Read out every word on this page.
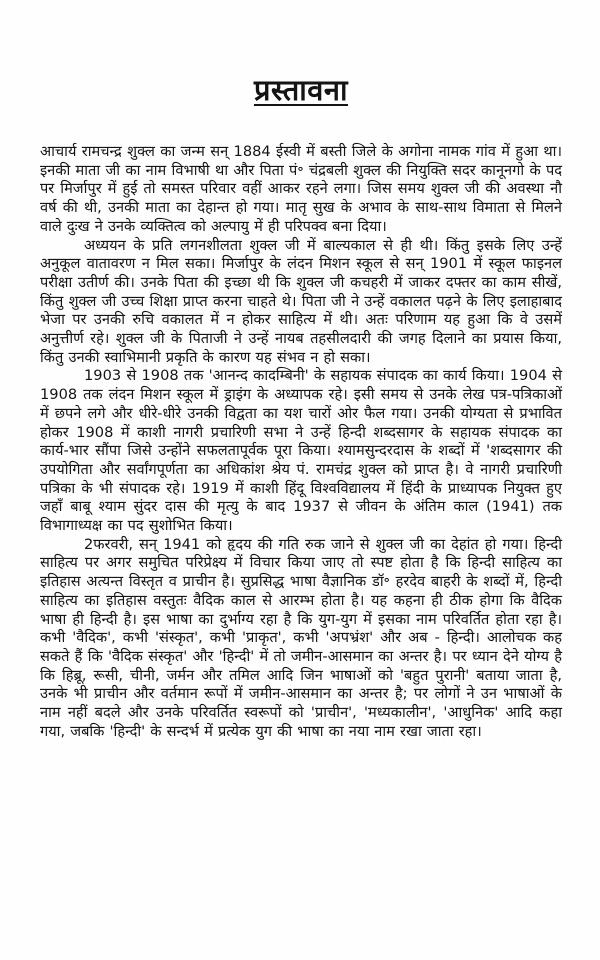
प्रस्तावना

आचार्य रामचन्द्र शुक्ल का जन्म सन् 1884 ईस्वी में बस्ती जिले के अगोना नामक गांव में हुआ था। इनकी माता जी का नाम विभाषी था और पिता पं॰ चंद्रबली शुक्ल की नियुक्ति सदर कानूनगो के पद पर मिर्जापुर में हुई तो समस्त परिवार वहीं आकर रहने लगा। जिस समय शुक्ल जी की अवस्था नौ वर्ष की थी, उनकी माता का देहान्त हो गया। मातृ सुख के अभाव के साथ-साथ विमाता से मिलने वाले दुःख ने उनके व्यक्तित्व को अल्पायु में ही परिपक्व बना दिया।

अध्ययन के प्रति लगनशीलता शुक्ल जी में बाल्यकाल से ही थी। किंतु इसके लिए उन्हें अनुकूल वातावरण न मिल सका। मिर्जापुर के लंदन मिशन स्कूल से सन् 1901 में स्कूल फाइनल परीक्षा उतीर्ण की। उनके पिता की इच्छा थी कि शुक्ल जी कचहरी में जाकर दफ्तर का काम सीखें, किंतु शुक्ल जी उच्च शिक्षा प्राप्त करना चाहते थे। पिता जी ने उन्हें वकालत पढ़ने के लिए इलाहाबाद भेजा पर उनकी रुचि वकालत में न होकर साहित्य में थी। अतः परिणाम यह हुआ कि वे उसमें अनुत्तीर्ण रहे। शुक्ल जी के पिताजी ने उन्हें नायब तहसीलदारी की जगह दिलाने का प्रयास किया, किंतु उनकी स्वाभिमानी प्रकृति के कारण यह संभव न हो सका।

1903 से 1908 तक 'आनन्द कादम्बिनी' के सहायक संपादक का कार्य किया। 1904 से 1908 तक लंदन मिशन स्कूल में ड्राइंग के अध्यापक रहे। इसी समय से उनके लेख पत्र-पत्रिकाओं में छपने लगे और धीरे-धीरे उनकी विद्वता का यश चारों ओर फैल गया। उनकी योग्यता से प्रभावित होकर 1908 में काशी नागरी प्रचारिणी सभा ने उन्हें हिन्दी शब्दसागर के सहायक संपादक का कार्य-भार सौंपा जिसे उन्होंने सफलतापूर्वक पूरा किया। श्यामसुन्दरदास के शब्दों में 'शब्दसागर की उपयोगिता और सर्वांगपूर्णता का अधिकांश श्रेय पं. रामचंद्र शुक्ल को प्राप्त है। वे नागरी प्रचारिणी पत्रिका के भी संपादक रहे। 1919 में काशी हिंदू विश्वविद्यालय में हिंदी के प्राध्यापक नियुक्त हुए जहाँ बाबू श्याम सुंदर दास की मृत्यु के बाद 1937 से जीवन के अंतिम काल (1941) तक विभागाध्यक्ष का पद सुशोभित किया।

2फरवरी, सन् 1941 को हृदय की गति रुक जाने से शुक्ल जी का देहांत हो गया। हिन्दी साहित्य पर अगर समुचित परिप्रेक्ष्य में विचार किया जाए तो स्पष्ट होता है कि हिन्दी साहित्य का इतिहास अत्यन्त विस्तृत व प्राचीन है। सुप्रसिद्ध भाषा वैज्ञानिक डॉ॰ हरदेव बाहरी के शब्दों में, हिन्दी साहित्य का इतिहास वस्तुतः वैदिक काल से आरम्भ होता है। यह कहना ही ठीक होगा कि वैदिक भाषा ही हिन्दी है। इस भाषा का दुर्भाग्य रहा है कि युग-युग में इसका नाम परिवर्तित होता रहा है। कभी 'वैदिक', कभी 'संस्कृत', कभी 'प्राकृत', कभी 'अपभ्रंश' और अब - हिन्दी। आलोचक कह सकते हैं कि 'वैदिक संस्कृत' और 'हिन्दी' में तो जमीन-आसमान का अन्तर है। पर ध्यान देने योग्य है कि हिब्रू, रूसी, चीनी, जर्मन और तमिल आदि जिन भाषाओं को 'बहुत पुरानी' बताया जाता है, उनके भी प्राचीन और वर्तमान रूपों में जमीन-आसमान का अन्तर है; पर लोगों ने उन भाषाओं के नाम नहीं बदले और उनके परिवर्तित स्वरूपों को 'प्राचीन', 'मध्यकालीन', 'आधुनिक' आदि कहा गया, जबकि 'हिन्दी' के सन्दर्भ में प्रत्येक युग की भाषा का नया नाम रखा जाता रहा।
